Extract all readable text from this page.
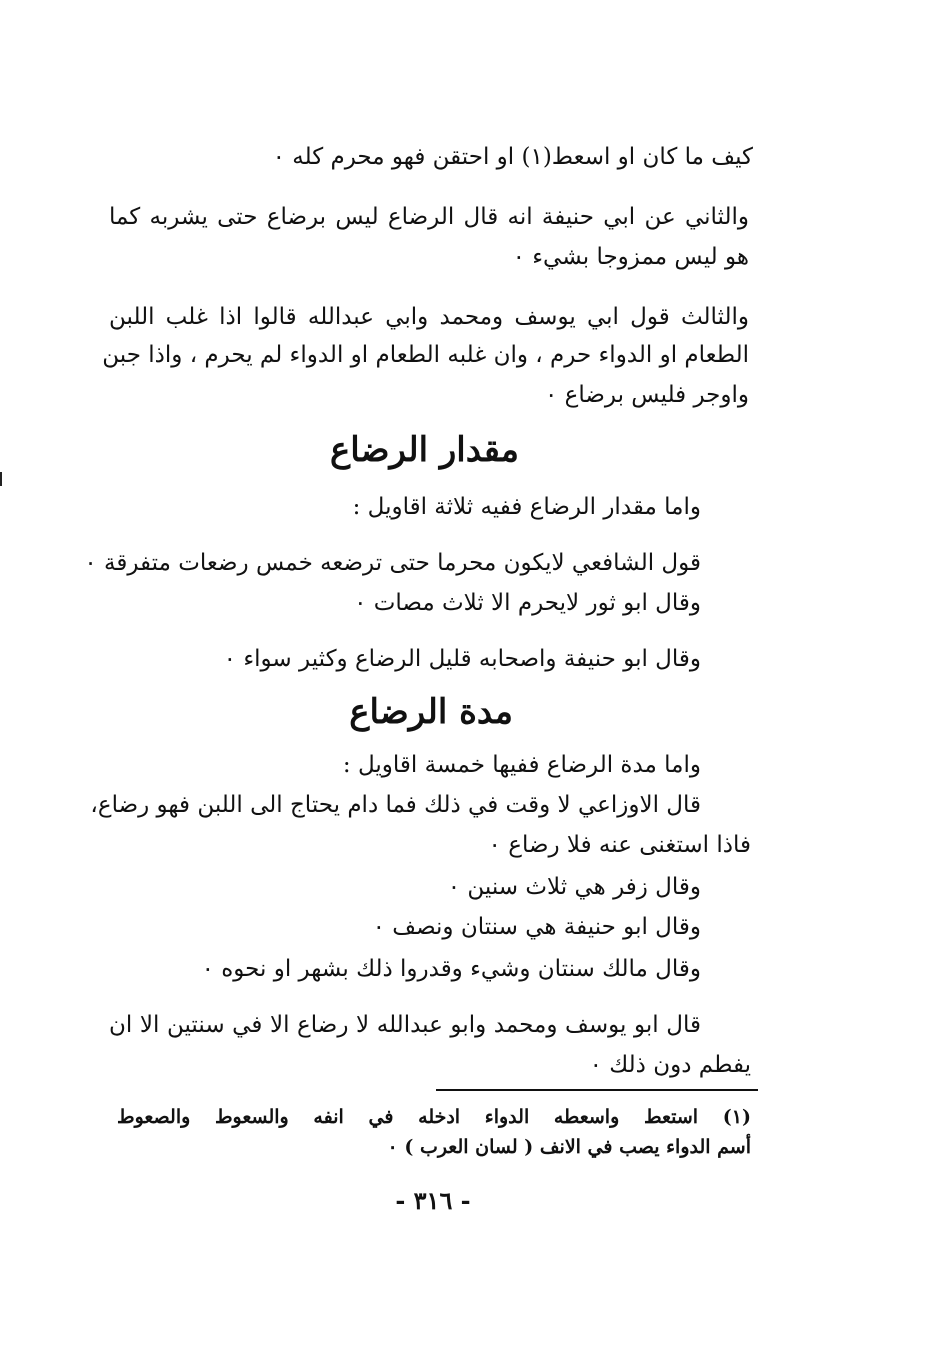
كيف ما كان او اسعط(١) او احتقن فهو محرم كله ٠
والثاني عن ابي حنيفة انه قال الرضاع ليس برضاع حتى يشربه كما
هو ليس ممزوجا بشيء ٠
والثالث قول ابي يوسف ومحمد وابي عبدالله قالوا اذا غلب اللبن
الطعام او الدواء حرم ، وان غلبه الطعام او الدواء لم يحرم ، واذا جبن
واوجر فليس برضاع ٠
مقدار الرضاع
واما مقدار الرضاع ففيه ثلاثة اقاويل :
قول الشافعي لايكون محرما حتى ترضعه خمس رضعات متفرقة ٠
وقال ابو ثور لايحرم الا ثلاث مصات ٠
وقال ابو حنيفة واصحابه قليل الرضاع وكثير سواء ٠
مدة الرضاع
واما مدة الرضاع ففيها خمسة اقاويل :
قال الاوزاعي لا وقت في ذلك فما دام يحتاج الى اللبن فهو رضاع،
فاذا استغنى عنه فلا رضاع ٠
وقال زفر هي ثلاث سنين ٠
وقال ابو حنيفة هي سنتان ونصف ٠
وقال مالك سنتان وشيء وقدروا ذلك بشهر او نحوه ٠
قال ابو يوسف ومحمد وابو عبدالله لا رضاع الا في سنتين الا ان
يفطم دون ذلك ٠
(١) استعط واسعطه الدواء ادخله في انفه والسعوط والصعوط
أسم الدواء يصب في الانف ( لسان العرب ) ٠
- ٣١٦ -
